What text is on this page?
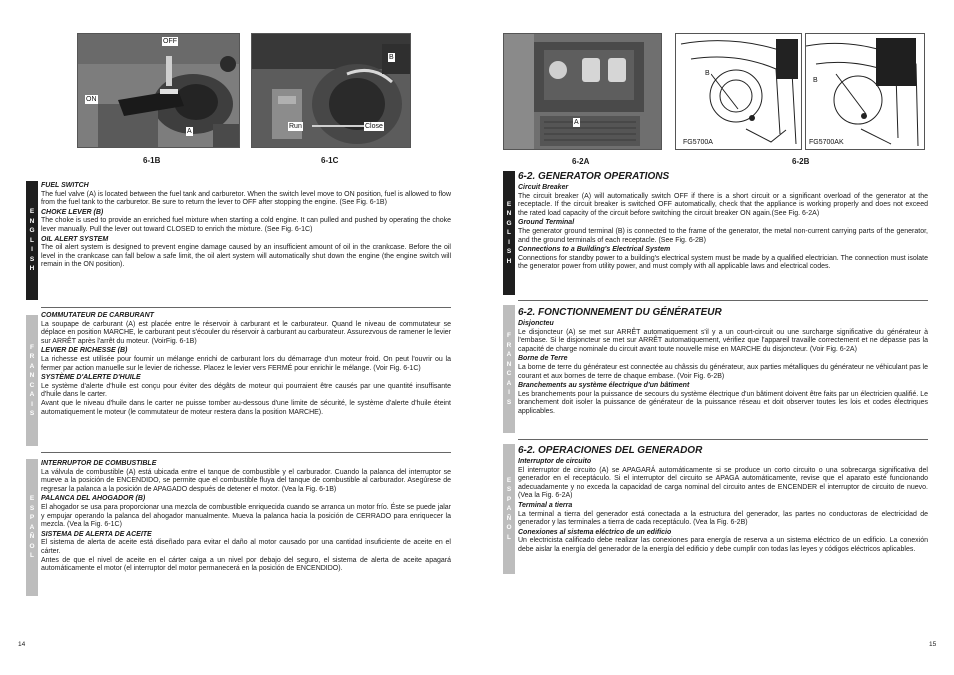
OFF
ON
A
6-1B
B
Run	Close
6-1C
A
6-2A
B
FG5700A
B
FG5700AK
6-2B
E
N
G
L
I
S
H
FUEL SWITCH
The fuel valve (A) is located between the fuel tank and carburetor. When the switch level move to ON position, fuel is allowed to flow from the fuel tank to the carburetor. Be sure to return the lever to OFF after stopping the engine. (See Fig. 6-1B)
CHOKE LEVER (B)
The choke is used to provide an enriched fuel mixture when starting a cold engine. It can pulled and pushed by operating the choke lever manually. Pull the lever out toward CLOSED to enrich the mixture. (See Fig. 6-1C)
OIL ALERT SYSTEM
The oil alert system is designed to prevent engine damage caused by an insufficient amount of oil in the crankcase. Before the oil level in the crankcase can fall below a safe limit, the oil alert system will automatically shut down the engine (the engine switch will remain in the ON position).
F
R
A
N
C
A
I
S
COMMUTATEUR DE CARBURANT
La soupape de carburant (A) est placée entre le réservoir à carburant et le carburateur. Quand le niveau de commutateur se déplace en position MARCHE, le carburant peut s'écouler du réservoir à carburant au carburateur. Assurezvous de ramener le levier sur ARRÊT après l'arrêt du moteur. (VoirFig. 6-1B)
LEVIER DE RICHESSE (B)
La richesse est utilisée pour fournir un mélange enrichi de carburant lors du démarrage d'un moteur froid. On peut l'ouvrir ou la fermer par action manuelle sur le levier de richesse. Placez le levier vers FERMÉ pour enrichir le mélange. (Voir Fig. 6-1C)
SYSTÈME D'ALERTE D'HUILE
Le système d'alerte d'huile est conçu pour éviter des dégâts de moteur qui pourraient être causés par une quantité insuffisante d'huile dans le carter.
Avant que le niveau d'huile dans le carter ne puisse tomber au-dessous d'une limite de sécurité, le système d'alerte d'huile éteint automatiquement le moteur (le commutateur de moteur restera dans la position MARCHE).
E
S
P
A
Ñ
O
L
INTERRUPTOR DE COMBUSTIBLE
La válvula de combustible (A) está ubicada entre el tanque de combustible y el carburador. Cuando la palanca del interruptor se mueve a la posición de ENCENDIDO, se permite que el combustible fluya del tanque de combustible al carburador. Asegúrese de regresar la palanca a la posición de APAGADO después de detener el motor. (Vea la Fig. 6-1B)
PALANCA DEL AHOGADOR (B)
El ahogador se usa para proporcionar una mezcla de combustible enriquecida cuando se arranca un motor frío. Éste se puede jalar y empujar operando la palanca del ahogador manualmente. Mueva la palanca hacia la posición de CERRADO para enriquecer la mezcla. (Vea la Fig. 6-1C)
SISTEMA DE ALERTA DE ACEITE
El sistema de alerta de aceite está diseñado para evitar el daño al motor causado por una cantidad insuficiente de aceite en el cárter.
Antes de que el nivel de aceite en el cárter caiga a un nivel por debajo del seguro, el sistema de alerta de aceite apagará automáticamente el motor (el interruptor del motor permanecerá en la posición de ENCENDIDO).
14
E
N
G
L
I
S
H
6-2. GENERATOR OPERATIONS
Circuit Breaker
The circuit breaker (A) will automatically switch OFF if there is a short circuit or a significant overload of the generator at the receptacle. If the circuit breaker is switched OFF automatically, check that the appliance is working properly and does not exceed the rated load capacity of the circuit before switching the circuit breaker ON again.(See Fig. 6-2A)
Ground Terminal
The generator ground terminal (B) is connected to the frame of the generator, the metal non-current carrying parts of the generator, and the ground terminals of each receptacle. (See Fig. 6-2B)
Connections to a Building's Electrical System
Connections for standby power to a building's electrical system must be made by a qualified electrician. The connection must isolate the generator power from utility power, and must comply with all applicable laws and electrical codes.
F
R
A
N
C
A
I
S
6-2. FONCTIONNEMENT DU GÉNÉRATEUR
Disjoncteu
Le disjoncteur (A) se met sur ARRÊT automatiquement s'il y a un court-circuit ou une surcharge significative du générateur à l'embase. Si le disjoncteur se met sur ARRÊT automatiquement, vérifiez que l'appareil travaille correctement et ne dépasse pas la capacité de charge nominale du circuit avant toute nouvelle mise en MARCHE du disjoncteur. (Voir Fig. 6-2A)
Borne de Terre
La borne de terre du générateur est connectée au châssis du générateur, aux parties métalliques du générateur ne véhiculant pas le courant et aux bornes de terre de chaque embase. (Voir Fig. 6-2B)
Branchements au système électrique d'un bâtiment
Les branchements pour la puissance de secours du système électrique d'un bâtiment doivent être faits par un électricien qualifié. Le branchement doit isoler la puissance de générateur de la puissance réseau et doit observer toutes les lois et codes électriques applicables.
E
S
P
A
Ñ
O
L
6-2. OPERACIONES DEL GENERADOR
Interruptor de circuito
El interruptor de circuito (A) se APAGARÁ automáticamente si se produce un corto circuito o una sobrecarga significativa del generador en el receptáculo. Si el interruptor del circuito se APAGA automáticamente, revise que el aparato esté funcionando adecuadamente y no exceda la capacidad de carga nominal del circuito antes de ENCENDER el interruptor de circuito de nuevo.(Vea la Fig. 6-2A)
Terminal a tierra
La terminal a tierra del generador está conectada a la estructura del generador, las partes no conductoras de electricidad de generador y las terminales a tierra de cada receptáculo. (Vea la Fig. 6-2B)
Conexiones al sistema eléctrico de un edificio
Un electricista calificado debe realizar las conexiones para energía de reserva a un sistema eléctrico de un edificio. La conexión debe aislar la energía del generador de la energía del edificio y debe cumplir con todas las leyes y códigos eléctricos aplicables.
15
